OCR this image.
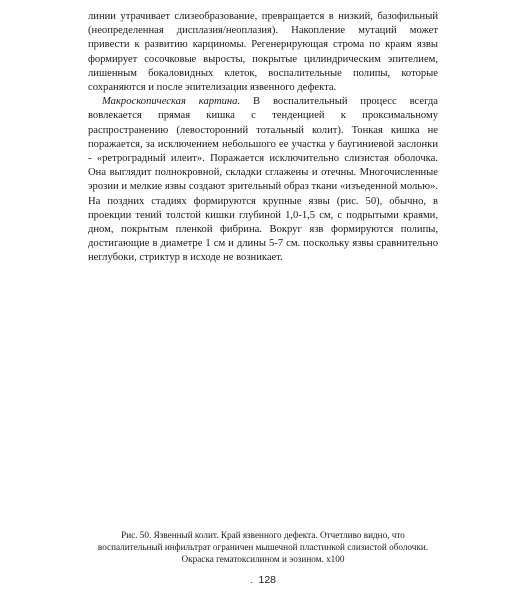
линии утрачивает слизеобразование, превращается в низкий, базофильный (неопределенная дисплазия/неоплазия). Накопление мутаций может привести к развитию карциномы. Регенерирующая строма по краям язвы формирует сосочковые выросты, покрытые цилиндрическим эпителием, лишенным бокаловидных клеток, воспалительные полипы, которые сохраняются и после эпителизации язвенного дефекта.

Макроскопическая картина. В воспалительный процесс всегда вовлекается прямая кишка с тенденцией к проксимальному распространению (левосторонний тотальный колит). Тонкая кишка не поражается, за исключением небольшого ее участка у баугиниевой заслонки - «ретроградный илеит». Поражается исключительно слизистая оболочка. Она выглядит полнокровной, складки сглажены и отечны. Многочисленные эрозии и мелкие язвы создают зрительный образ ткани «изъеденной молью». На поздних стадиях формируются крупные язвы (рис. 50), обычно, в проекции тений толстой кишки глубиной 1,0-1,5 см, с подрытыми краями, дном, покрытым пленкой фибрина. Вокруг язв формируются полипы, достигающие в диаметре 1 см и длины 5-7 см. поскольку язвы сравнительно неглубоки, стриктур в исходе не возникает.

Рис. 50. Язвенный колит. Край язвенного дефекта. Отчетливо видно, что
воспалительный инфильтрат ограничен мышечной пластинкой слизистой оболочки.
Окраска гематоксилином и эозином. х100
. 128
